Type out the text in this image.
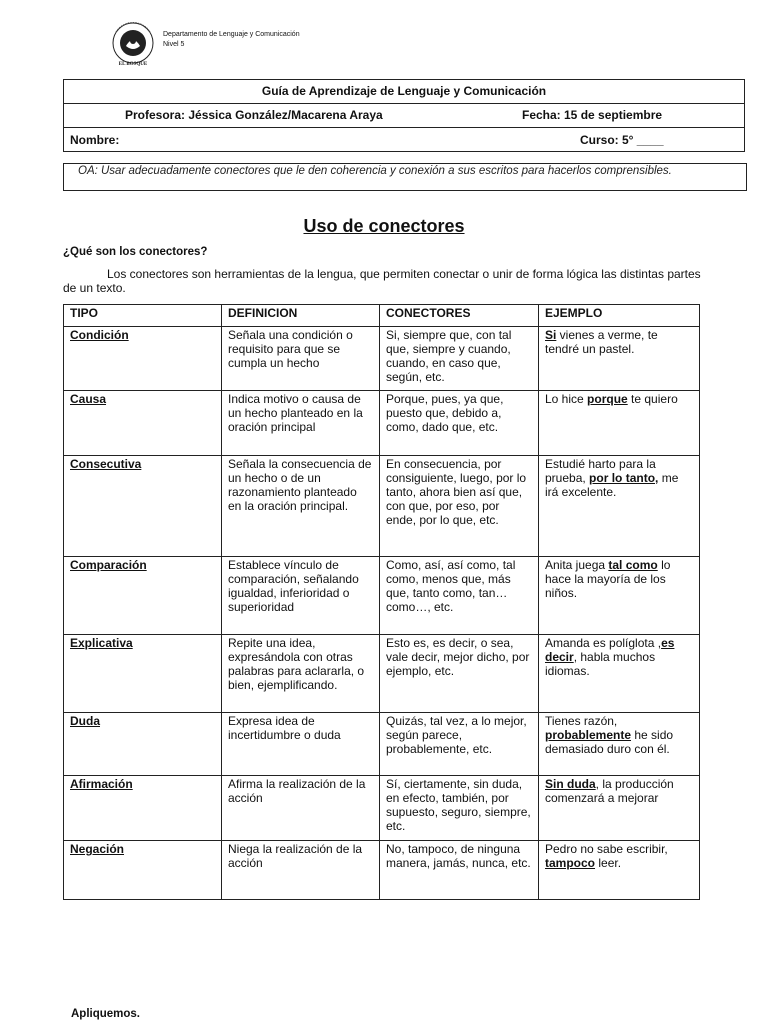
EL BOSQUE
Departamento de Lenguaje y Comunicación
Nivel 5
Guía de Aprendizaje de Lenguaje y Comunicación
Profesora: Jéssica González/Macarena Araya	Fecha: 15 de septiembre
Nombre:	Curso: 5° ____
OA: Usar adecuadamente conectores que le den coherencia y conexión a sus escritos para hacerlos comprensibles.
Uso de conectores
¿Qué son los conectores?
Los conectores son herramientas de la lengua, que permiten conectar o unir de forma lógica las distintas partes de un texto.
TIPO	DEFINICION	CONECTORES	EJEMPLO
Condición	Señala una condición o requisito para que se cumpla un hecho	Si, siempre que, con tal que, siempre y cuando, cuando, en caso que, según, etc.	Si vienes a verme, te tendré un pastel.
Causa	Indica motivo o causa de un hecho planteado en la oración principal	Porque, pues, ya que, puesto que, debido a, como, dado que, etc.	Lo hice porque te quiero
Consecutiva	Señala la consecuencia de un hecho o de un razonamiento planteado en la oración principal.	En consecuencia, por consiguiente, luego, por lo tanto, ahora bien así que, con que, por eso, por ende, por lo que, etc.	Estudié harto para la prueba, por lo tanto, me irá excelente.
Comparación	Establece vínculo de comparación, señalando igualdad, inferioridad o superioridad	Como, así, así como, tal como, menos que, más que, tanto como, tan… como…, etc.	Anita juega tal como lo hace la mayoría de los niños.
Explicativa	Repite una idea, expresándola con otras palabras para aclararla, o bien, ejemplificando.	Esto es, es decir, o sea, vale decir, mejor dicho, por ejemplo, etc.	Amanda es políglota ,es decir, habla muchos idiomas.
Duda	Expresa idea de incertidumbre o duda	Quizás, tal vez, a lo mejor, según parece, probablemente, etc.	Tienes razón, probablemente he sido demasiado duro con él.
Afirmación	Afirma la realización de la acción	Sí, ciertamente, sin duda, en efecto, también, por supuesto, seguro, siempre, etc.	Sin duda, la producción comenzará a mejorar
Negación	Niega la realización de la acción	No, tampoco, de ninguna manera, jamás, nunca, etc.	Pedro no sabe escribir, tampoco leer.
Apliquemos.
